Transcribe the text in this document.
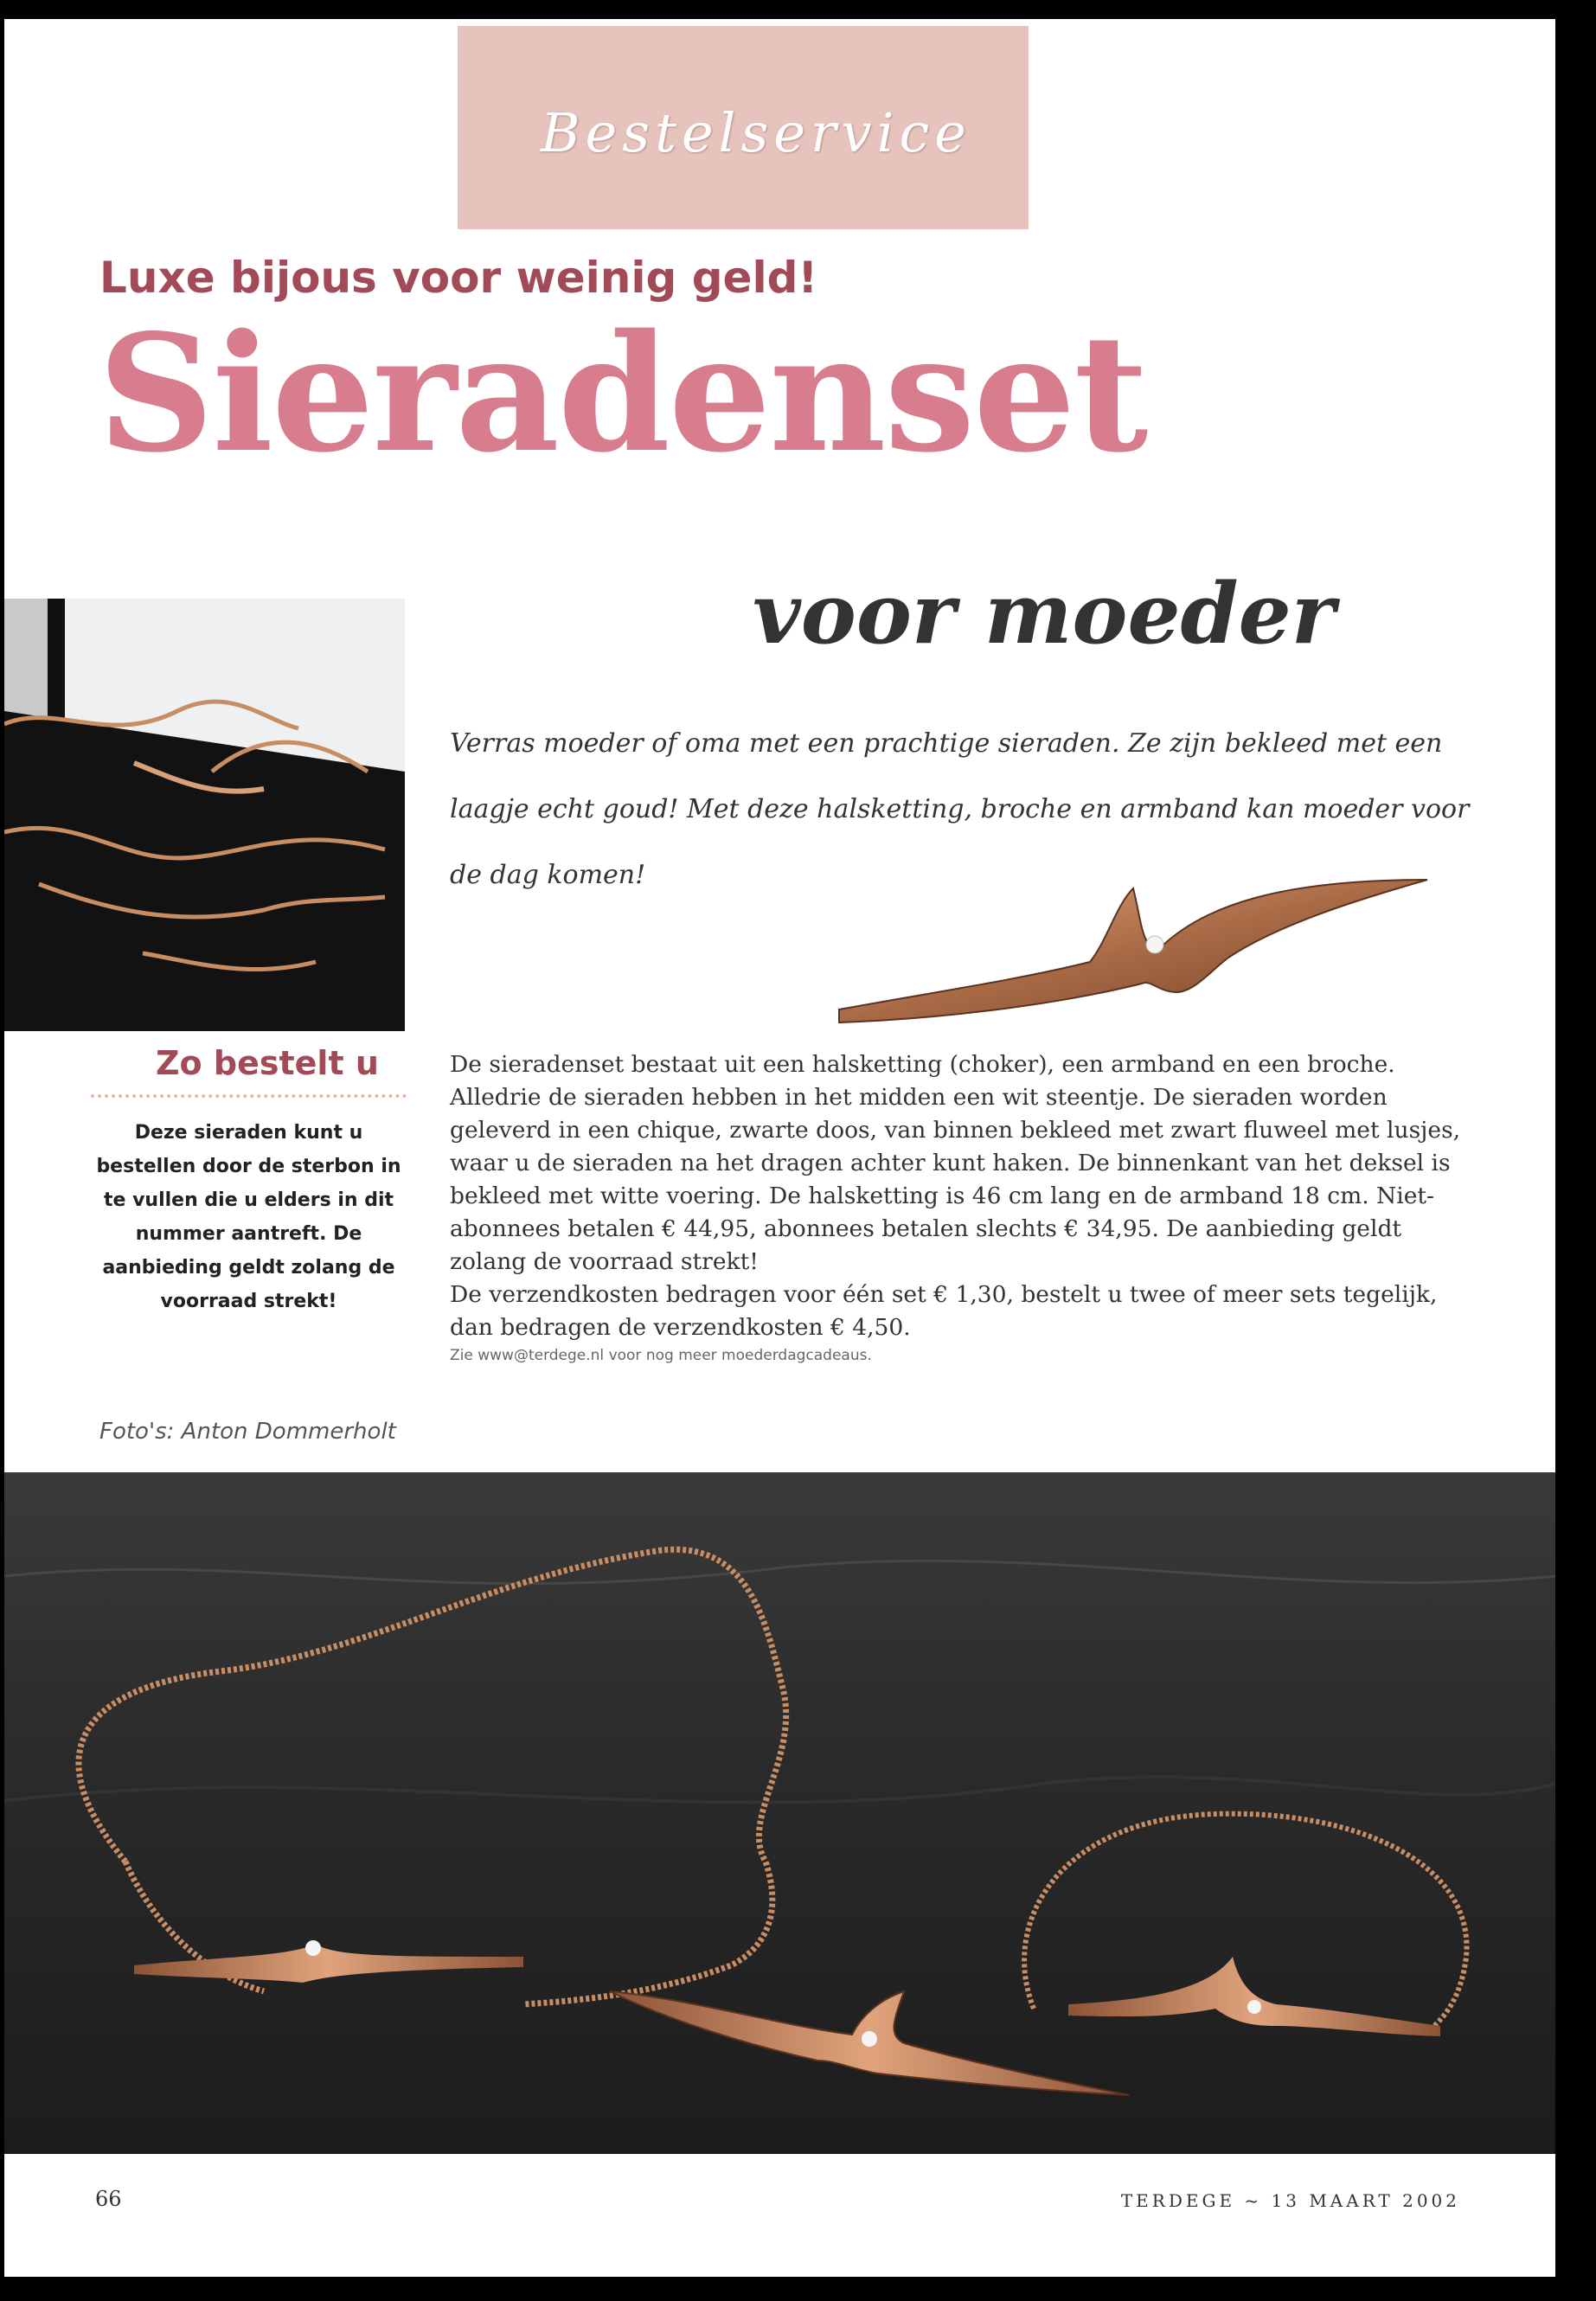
Bestelservice
Luxe bijous voor weinig geld!
Sieradenset
voor moeder

Verras moeder of oma met een prachtige sieraden. Ze zijn bekleed met een laagje echt goud! Met deze halsketting, broche en armband kan moeder voor de dag komen!

Zo bestelt u

Deze sieraden kunt u bestellen door de sterbon in te vullen die u elders in dit nummer aantreft. De aanbieding geldt zolang de voorraad strekt!

Foto's: Anton Dommerholt

De sieradenset bestaat uit een halsketting (choker), een armband en een broche. Alledrie de sieraden hebben in het midden een wit steentje. De sieraden worden geleverd in een chique, zwarte doos, van binnen bekleed met zwart fluweel met lusjes, waar u de sieraden na het dragen achter kunt haken. De binnenkant van het deksel is bekleed met witte voering. De halsketting is 46 cm lang en de armband 18 cm. Niet-abonnees betalen € 44,95, abonnees betalen slechts € 34,95. De aanbieding geldt zolang de voorraad strekt!

De verzendkosten bedragen voor één set € 1,30, bestelt u twee of meer sets tegelijk, dan bedragen de verzendkosten € 4,50.

Zie www@terdege.nl voor nog meer moederdagcadeaus.

66	TERDEGE ~ 13 MAART 2002
